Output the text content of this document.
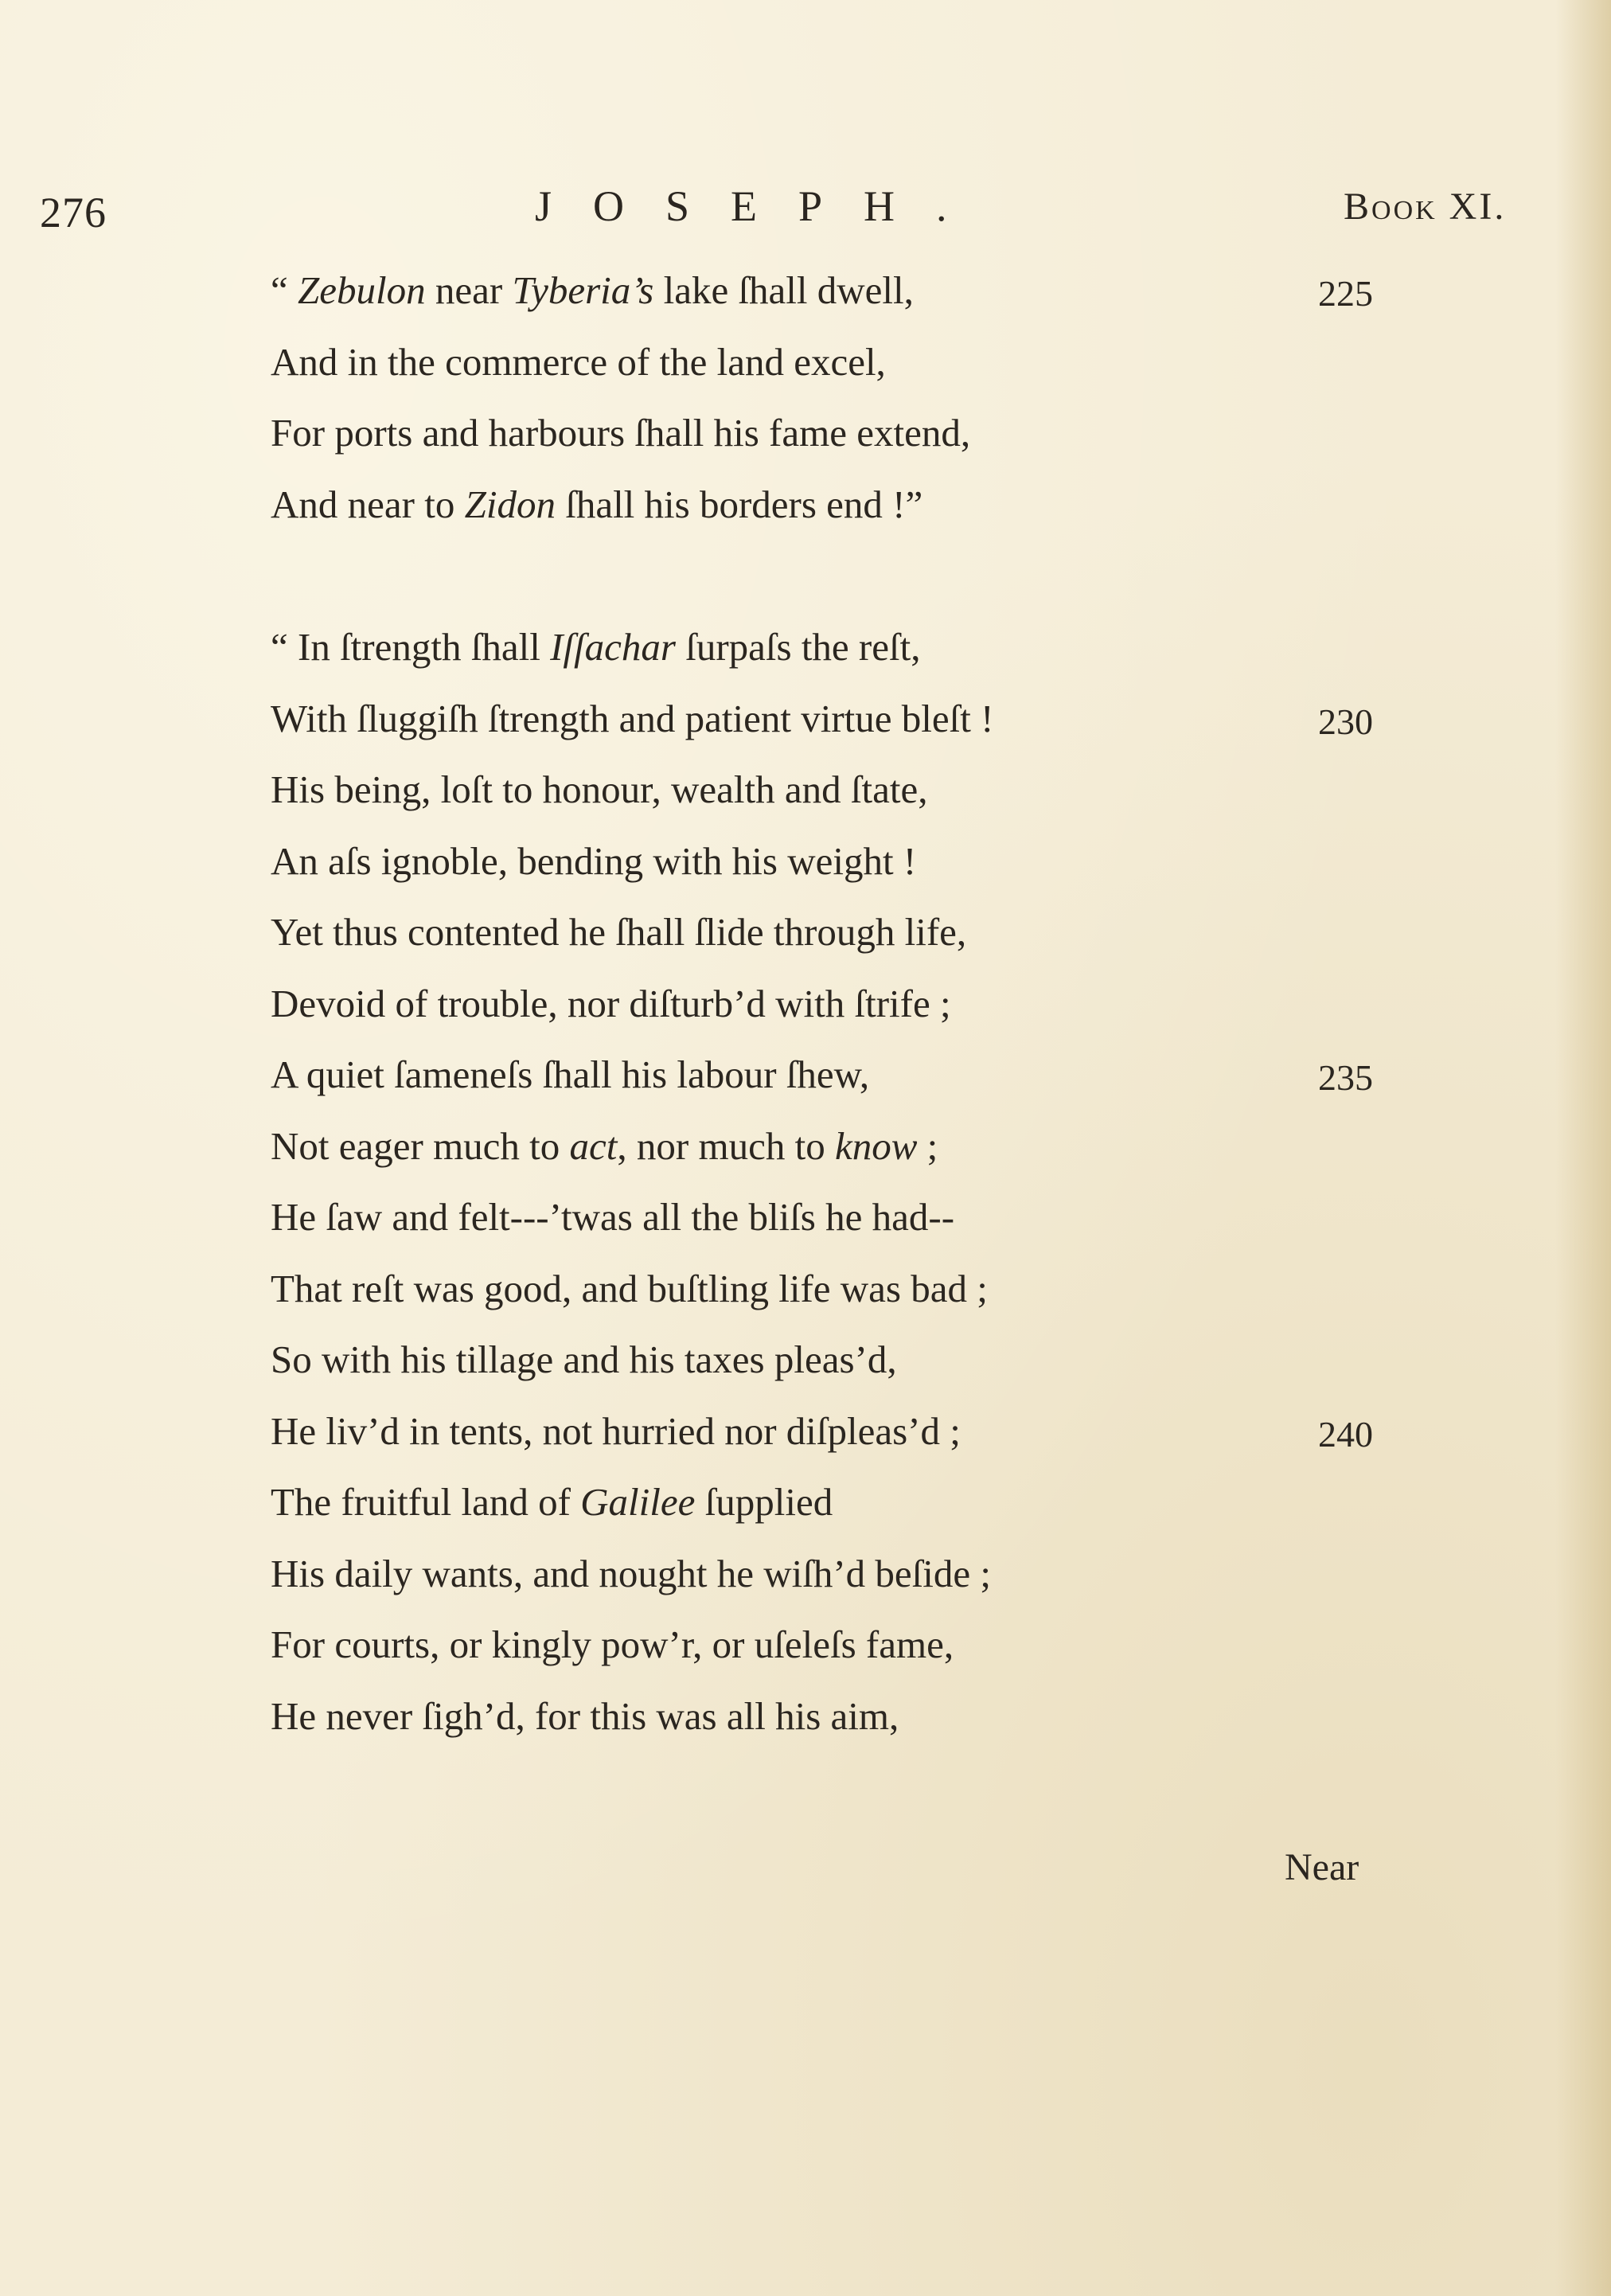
276	JOSEPH.	Book XI.
“ Zebulon near Tyberia’s lake ſhall dwell,	225
And in the commerce of the land excel,
For ports and harbours ſhall his fame extend,
And near to Zidon ſhall his borders end !”
“ In ſtrength ſhall Iſſachar ſurpaſs the reſt,
With ſluggiſh ſtrength and patient virtue bleſt !	230
His being, loſt to honour, wealth and ſtate,
An aſs ignoble, bending with his weight !
Yet thus contented he ſhall ſlide through life,
Devoid of trouble, nor diſturb’d with ſtrife ;
A quiet ſameneſs ſhall his labour ſhew,	235
Not eager much to act, nor much to know ;
He ſaw and felt---’twas all the bliſs he had--
That reſt was good, and buſtling life was bad ;
So with his tillage and his taxes pleas’d,
He liv’d in tents, not hurried nor diſpleas’d ;	240
The fruitful land of Galilee ſupplied
His daily wants, and nought he wiſh’d beſide ;
For courts, or kingly pow’r, or uſeleſs fame,
He never ſigh’d, for this was all his aim,
Near
